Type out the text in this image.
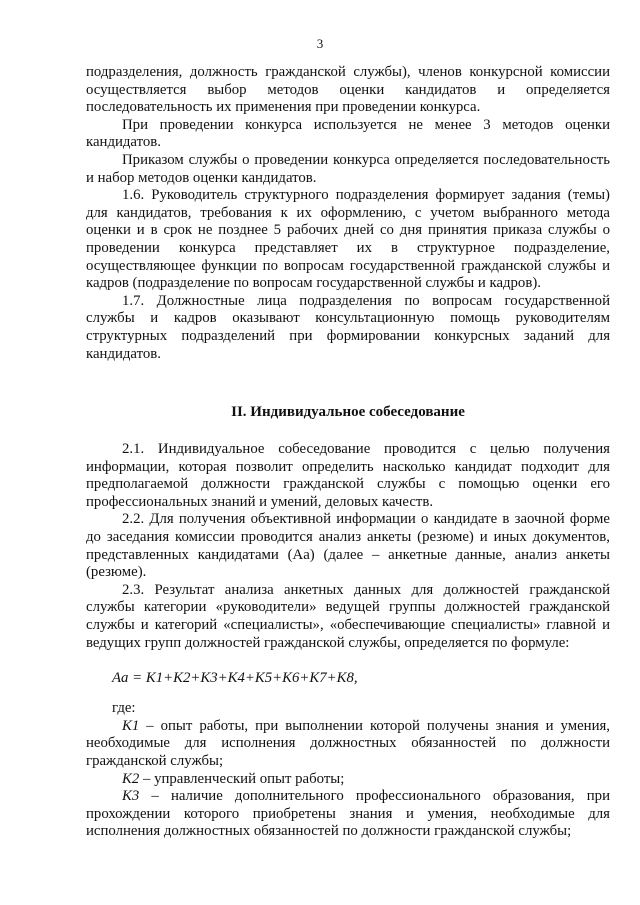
3

подразделения, должность гражданской службы), членов конкурсной комиссии осуществляется выбор методов оценки кандидатов и определяется последовательность их применения при проведении конкурса.

При проведении конкурса используется не менее 3 методов оценки кандидатов.

Приказом службы о проведении конкурса определяется последовательность и набор методов оценки кандидатов.

1.6. Руководитель структурного подразделения формирует задания (темы) для кандидатов, требования к их оформлению, с учетом выбранного метода оценки и в срок не позднее 5 рабочих дней со дня принятия приказа службы о проведении конкурса представляет их в структурное подразделение, осуществляющее функции по вопросам государственной гражданской службы и кадров (подразделение по вопросам государственной службы и кадров).

1.7. Должностные лица подразделения по вопросам государственной службы и кадров оказывают консультационную помощь руководителям структурных подразделений при формировании конкурсных заданий для кандидатов.

II. Индивидуальное собеседование

2.1. Индивидуальное собеседование проводится с целью получения информации, которая позволит определить насколько кандидат подходит для предполагаемой должности гражданской службы с помощью оценки его профессиональных знаний и умений, деловых качеств.

2.2. Для получения объективной информации о кандидате в заочной форме до заседания комиссии проводится анализ анкеты (резюме) и иных документов, представленных кандидатами (Aa) (далее – анкетные данные, анализ анкеты (резюме).

2.3. Результат анализа анкетных данных для должностей гражданской службы категории «руководители» ведущей группы должностей гражданской службы и категорий «специалисты», «обеспечивающие специалисты» главной и ведущих групп должностей гражданской службы, определяется по формуле:

Aa = K1+K2+K3+K4+K5+K6+K7+K8,

где:

K1 – опыт работы, при выполнении которой получены знания и умения, необходимые для исполнения должностных обязанностей по должности гражданской службы;

K2 – управленческий опыт работы;

K3 – наличие дополнительного профессионального образования, при прохождении которого приобретены знания и умения, необходимые для исполнения должностных обязанностей по должности гражданской службы;
